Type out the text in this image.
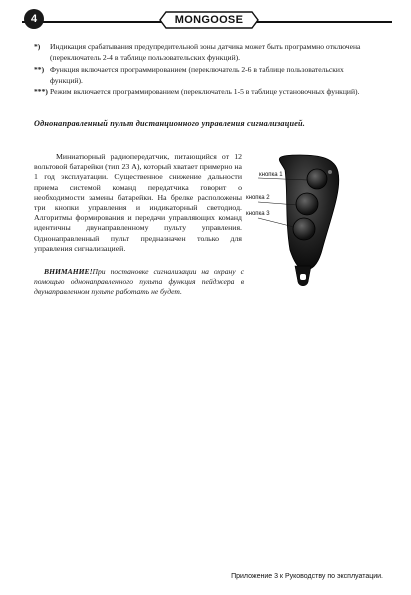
4	MONGOOSE
*)	Индикация срабатывания предупредительной зоны датчика может быть программно отключена (переключатель 2-4 в таблице пользовательских функций).
**) Функция включается программированием (переключатель 2-6 в таблице пользовательских функций).
***) Режим включается программированием (переключатель 1-5 в таблице установочных функций).
Однонаправленный пульт дистанционного управления сигнализацией.
Миниатюрный радиопередатчик, питающийся от 12 вольтовой батарейки (тип 23 A), который хватает примерно на 1 год эксплуатации. Существенное снижение дальности приема системой команд передатчика говорит о необходимости замены батарейки. На брелке расположены три кнопки управления и индикаторный светодиод. Алгоритмы формирования и передачи управляющих команд идентичны двунаправленному пульту управления. Однонаправленный пульт предназначен только для управления сигнализацией.
ВНИМАНИЕ!При постановке сигнализации на охрану с помощью однонаправленного пульта функция пейджера в двунаправленном пульте работать не будет.
кнопка 1
кнопка 2
кнопка 3
Приложение 3 к Руководству по эксплуатации.
